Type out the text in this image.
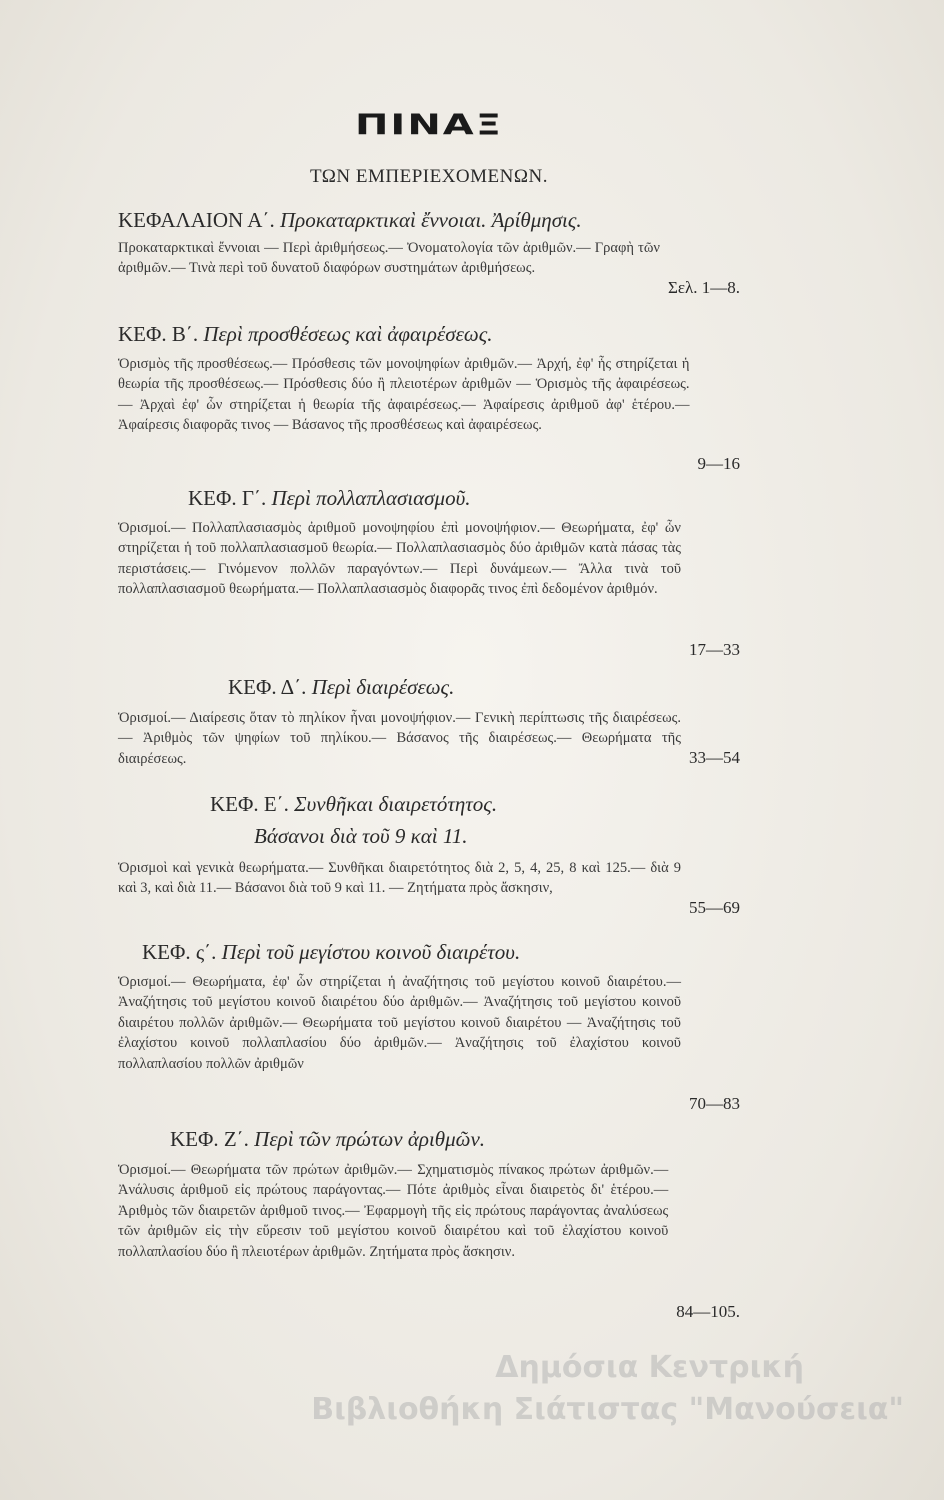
ΠΙΝΑΞ
ΤΩΝ ΕΜΠΕΡΙΕΧΟΜΕΝΩΝ.
ΚΕΦΑΛΑΙΟΝ Α΄. Προκαταρκτικαὶ ἔννοιαι. Ἀρίθμησις.
Σελ. 1—8.
Προκαταρκτικαὶ ἔννοιαι — Περὶ ἀριθμήσεως.— Ὀνοματολογία τῶν ἀριθμῶν.— Γραφὴ τῶν ἀριθμῶν.— Τινὰ περὶ τοῦ δυνατοῦ διαφόρων συστημάτων ἀριθμήσεως.
ΚΕΦ. Β΄. Περὶ προσθέσεως καὶ ἀφαιρέσεως.
9—16
Ὁρισμὸς τῆς προσθέσεως.— Πρόσθεσις τῶν μονοψηφίων ἀριθμῶν.— Ἀρχή, ἐφ' ἧς στηρίζεται ἡ θεωρία τῆς προσθέσεως.— Πρόσθεσις δύο ἢ πλειοτέρων ἀριθμῶν — Ὁρισμὸς τῆς ἀφαιρέσεως.— Ἀρχαὶ ἐφ' ὧν στηρίζεται ἡ θεωρία τῆς ἀφαιρέσεως.— Ἀφαίρεσις ἀριθμοῦ ἀφ' ἑτέρου.— Ἀφαίρεσις διαφορᾶς τινος — Βάσανος τῆς προσθέσεως καὶ ἀφαιρέσεως.
ΚΕΦ. Γ΄. Περὶ πολλαπλασιασμοῦ.
17—33
Ὁρισμοί.— Πολλαπλασιασμὸς ἀριθμοῦ μονοψηφίου ἐπὶ μονοψήφιον.— Θεωρήματα, ἐφ' ὧν στηρίζεται ἡ τοῦ πολλαπλασιασμοῦ θεωρία.— Πολλαπλασιασμὸς δύο ἀριθμῶν κατὰ πάσας τὰς περιστάσεις.— Γινόμενον πολλῶν παραγόντων.— Περὶ δυνάμεων.— Ἄλλα τινὰ τοῦ πολλαπλασιασμοῦ θεωρήματα.— Πολλαπλασιασμὸς διαφορᾶς τινος ἐπὶ δεδομένον ἀριθμόν.
ΚΕΦ. Δ΄. Περὶ διαιρέσεως.
33—54
Ὁρισμοί.— Διαίρεσις ὅταν τὸ πηλίκον ἦναι μονοψήφιον.— Γενικὴ περίπτωσις τῆς διαιρέσεως.— Ἀριθμὸς τῶν ψηφίων τοῦ πηλίκου.— Βάσανος τῆς διαιρέσεως.— Θεωρήματα τῆς διαιρέσεως.
ΚΕΦ. Ε΄. Συνθῆκαι διαιρετότητος.
Βάσανοι διὰ τοῦ 9 καὶ 11.
55—69
Ὁρισμοὶ καὶ γενικὰ θεωρήματα.— Συνθῆκαι διαιρετότητος διὰ 2, 5, 4, 25, 8 καὶ 125.— διὰ 9 καὶ 3, καὶ διὰ 11.— Βάσανοι διὰ τοῦ 9 καὶ 11. — Ζητήματα πρὸς ἄσκησιν,
ΚΕΦ. ς΄. Περὶ τοῦ μεγίστου κοινοῦ διαιρέτου.
70—83
Ὁρισμοί.— Θεωρήματα, ἐφ' ὧν στηρίζεται ἡ ἀναζήτησις τοῦ μεγίστου κοινοῦ διαιρέτου.— Ἀναζήτησις τοῦ μεγίστου κοινοῦ διαιρέτου δύο ἀριθμῶν.— Ἀναζήτησις τοῦ μεγίστου κοινοῦ διαιρέτου πολλῶν ἀριθμῶν.— Θεωρήματα τοῦ μεγίστου κοινοῦ διαιρέτου — Ἀναζήτησις τοῦ ἐλαχίστου κοινοῦ πολλαπλασίου δύο ἀριθμῶν.— Ἀναζήτησις τοῦ ἐλαχίστου κοινοῦ πολλαπλασίου πολλῶν ἀριθμῶν
ΚΕΦ. Ζ΄. Περὶ τῶν πρώτων ἀριθμῶν.
84—105.
Ὁρισμοί.— Θεωρήματα τῶν πρώτων ἀριθμῶν.— Σχηματισμὸς πίνακος πρώτων ἀριθμῶν.— Ἀνάλυσις ἀριθμοῦ εἰς πρώτους παράγοντας.— Πότε ἀριθμὸς εἶναι διαιρετὸς δι' ἑτέρου.— Ἀριθμὸς τῶν διαιρετῶν ἀριθμοῦ τινος.— Ἐφαρμογὴ τῆς εἰς πρώτους παράγοντας ἀναλύσεως τῶν ἀριθμῶν εἰς τὴν εὕρεσιν τοῦ μεγίστου κοινοῦ διαιρέτου καὶ τοῦ ἐλαχίστου κοινοῦ πολλαπλασίου δύο ἢ πλειοτέρων ἀριθμῶν. Ζητήματα πρὸς ἄσκησιν.
Δημόσια Κεντρική
Βιβλιοθήκη Σιάτιστας "Μανούσεια"
